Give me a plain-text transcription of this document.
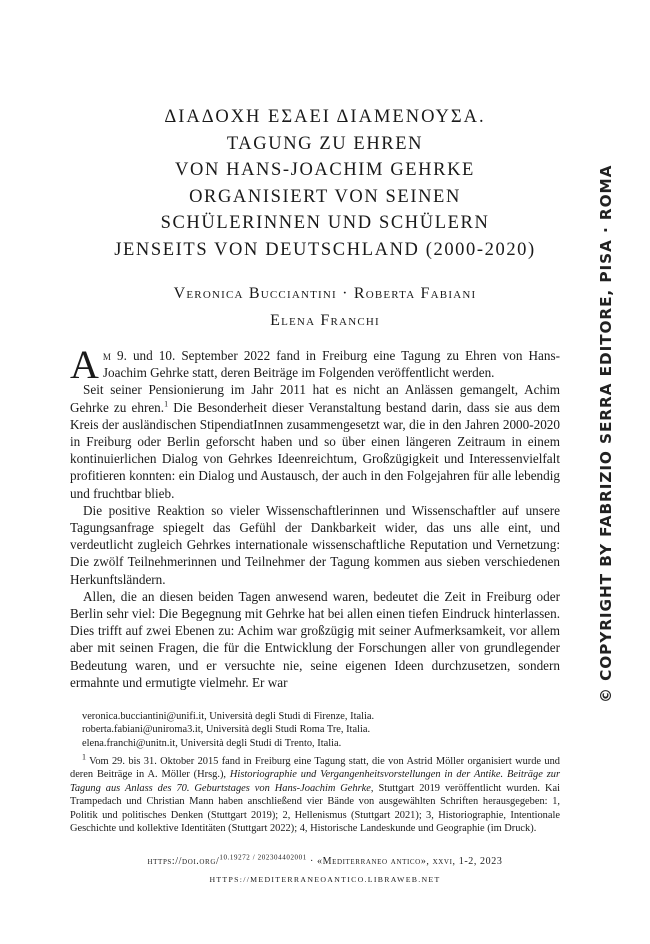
ΔΙΑΔΟΧΗ ΕΣΑΕΙ ΔΙΑΜΕΝΟΥΣΑ.
TAGUNG ZU EHREN
VON HANS-JOACHIM GEHRKE
ORGANISIERT VON SEINEN
SCHÜLERINNEN UND SCHÜLERN
JENSEITS VON DEUTSCHLAND (2000-2020)
Veronica Bucciantini · Roberta Fabiani
Elena Franchi

Am 9. und 10. September 2022 fand in Freiburg eine Tagung zu Ehren von Hans-Joachim Gehrke statt, deren Beiträge im Folgenden veröffentlicht werden.

Seit seiner Pensionierung im Jahr 2011 hat es nicht an Anlässen gemangelt, Achim Gehrke zu ehren.$^1$ Die Besonderheit dieser Veranstaltung bestand darin, dass sie aus dem Kreis der ausländischen StipendiatInnen zusammengesetzt war, die in den Jahren 2000-2020 in Freiburg oder Berlin geforscht haben und so über einen längeren Zeitraum in einem kontinuierlichen Dialog von Gehrkes Ideenreichtum, Großzügigkeit und Interessenvielfalt profitieren konnten: ein Dialog und Austausch, der auch in den Folgejahren für alle lebendig und fruchtbar blieb.

Die positive Reaktion so vieler Wissenschaftlerinnen und Wissenschaftler auf unsere Tagungsanfrage spiegelt das Gefühl der Dankbarkeit wider, das uns alle eint, und verdeutlicht zugleich Gehrkes internationale wissenschaftliche Reputation und Vernetzung: Die zwölf Teilnehmerinnen und Teilnehmer der Tagung kommen aus sieben verschiedenen Herkunftsländern.

Allen, die an diesen beiden Tagen anwesend waren, bedeutet die Zeit in Freiburg oder Berlin sehr viel: Die Begegnung mit Gehrke hat bei allen einen tiefen Eindruck hinterlassen. Dies trifft auf zwei Ebenen zu: Achim war großzügig mit seiner Aufmerksamkeit, vor allem aber mit seinen Fragen, die für die Entwicklung der Forschungen aller von grundlegender Bedeutung waren, und er versuchte nie, seine eigenen Ideen durchzusetzen, sondern ermahnte und ermutigte vielmehr. Er war

veronica.bucciantini@unifi.it, Università degli Studi di Firenze, Italia.
roberta.fabiani@uniroma3.it, Università degli Studi Roma Tre, Italia.
elena.franchi@unitn.it, Università degli Studi di Trento, Italia.

$^1$ Vom 29. bis 31. Oktober 2015 fand in Freiburg eine Tagung statt, die von Astrid Möller organisiert wurde und deren Beiträge in A. Möller (Hrsg.), Historiographie und Vergangenheitsvorstellungen in der Antike. Beiträge zur Tagung aus Anlass des 70. Geburtstages von Hans-Joachim Gehrke, Stuttgart 2019 veröffentlicht wurden. Kai Trampedach und Christian Mann haben anschließend vier Bände von ausgewählten Schriften herausgegeben: 1, Politik und politisches Denken (Stuttgart 2019); 2, Hellenismus (Stuttgart 2021); 3, Historiographie, Intentionale Geschichte und kollektive Identitäten (Stuttgart 2022); 4, Historische Landeskunde und Geographie (im Druck).

https://doi.org/$^{10.19272 / 202304402001}$ · «Mediterraneo antico», xxvi, 1-2, 2023
HTTPS://MEDITERRANEOANTICO.LIBRAWEB.NET
© COPYRIGHT BY FABRIZIO SERRA EDITORE, PISA · ROMA
